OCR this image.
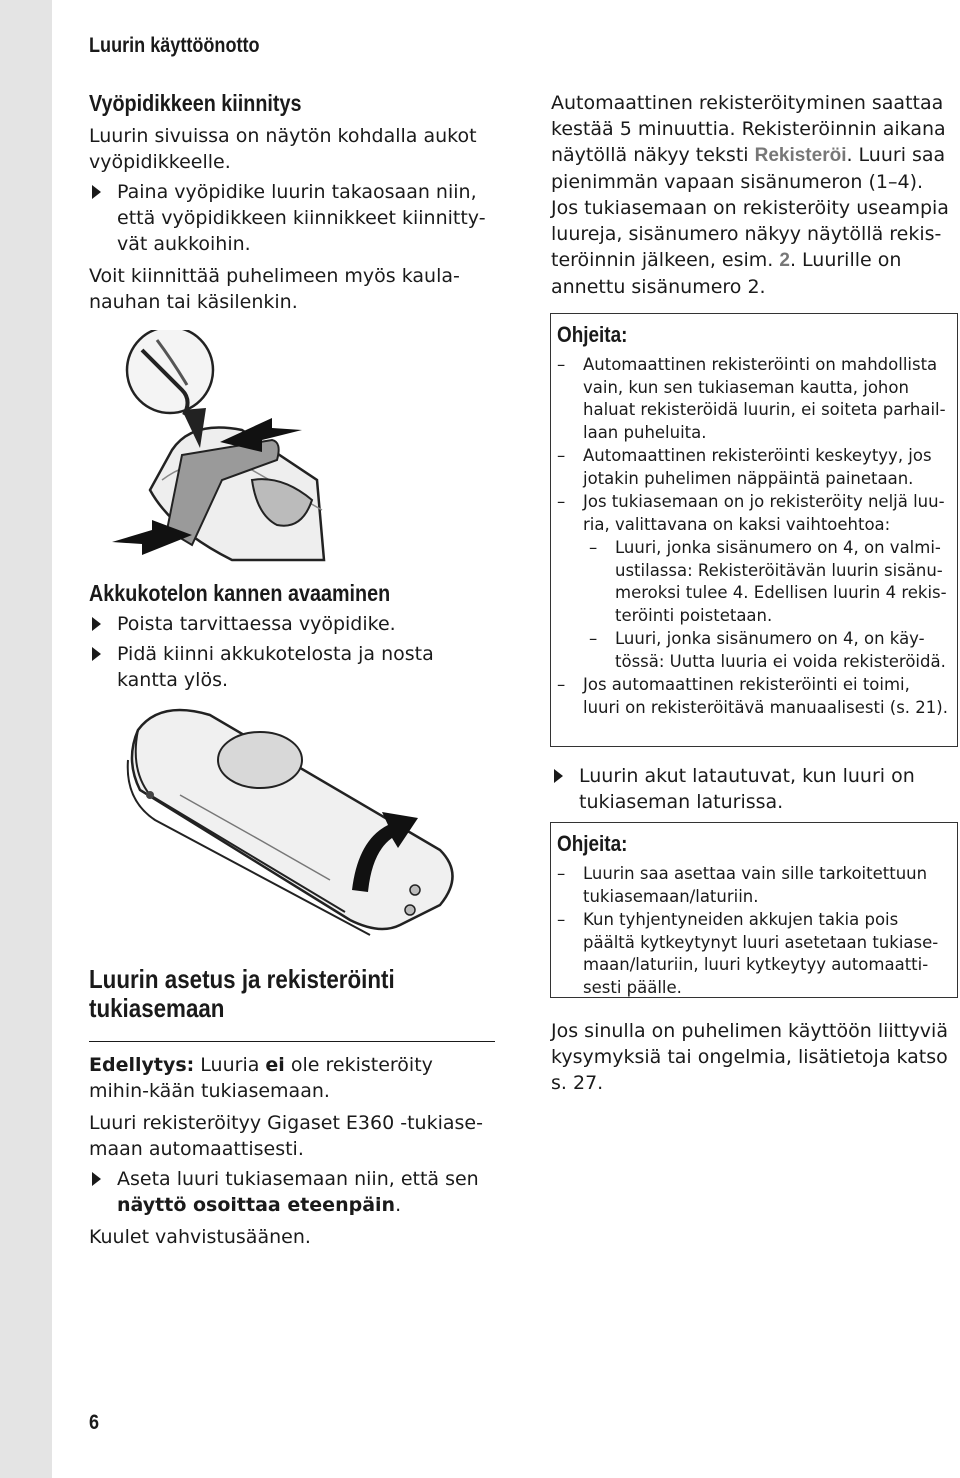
Luurin käyttöönotto
Vyöpidikkeen kiinnitys

Luurin sivuissa on näytön kohdalla aukot vyöpidikkeelle.

Paina vyöpidike luurin takaosaan niin, että vyöpidikkeen kiinnikkeet kiinnitty-vät aukkoihin.

Voit kiinnittää puhelimeen myös kaula-nauhan tai käsilenkin.

Akkukotelon kannen avaaminen

Poista tarvittaessa vyöpidike.

Pidä kiinni akkukotelosta ja nosta kantta ylös.

Luurin asetus ja rekisteröinti
tukiasemaan

Edellytys: Luuria ei ole rekisteröity mihin-kään tukiasemaan.

Luuri rekisteröityy Gigaset E360 -tukiase-maan automaattisesti.

Aseta luuri tukiasemaan niin, että sen näyttö osoittaa eteenpäin.

Kuulet vahvistusäänen.

6

Automaattinen rekisteröityminen saattaa kestää 5 minuuttia. Rekisteröinnin aikana näytöllä näkyy teksti Rekisteröi. Luuri saa pienimmän vapaan sisänumeron (1–4). Jos tukiasemaan on rekisteröity useampia luureja, sisänumero näkyy näytöllä rekis-teröinnin jälkeen, esim. 2. Luurille on annettu sisänumero 2.

Ohjeita:

– Automaattinen rekisteröinti on mahdollista vain, kun sen tukiaseman kautta, johon haluat rekisteröidä luurin, ei soiteta parhail-laan puheluita.

– Automaattinen rekisteröinti keskeytyy, jos jotakin puhelimen näppäintä painetaan.

– Jos tukiasemaan on jo rekisteröity neljä luu-ria, valittavana on kaksi vaihtoehtoa:

– Luuri, jonka sisänumero on 4, on valmi-ustilassa: Rekisteröitävän luurin sisänu-meroksi tulee 4. Edellisen luurin 4 rekis-teröinti poistetaan.

– Luuri, jonka sisänumero on 4, on käy-tössä: Uutta luuria ei voida rekisteröidä.

– Jos automaattinen rekisteröinti ei toimi, luuri on rekisteröitävä manuaalisesti (s. 21).

Luurin akut latautuvat, kun luuri on tukiaseman laturissa.

Ohjeita:

– Luurin saa asettaa vain sille tarkoitettuun tukiasemaan/laturiin.

– Kun tyhjentyneiden akkujen takia pois päältä kytkeytynyt luuri asetetaan tukiase-maan/laturiin, luuri kytkeytyy automaatti-sesti päälle.

Jos sinulla on puhelimen käyttöön liittyviä kysymyksiä tai ongelmia, lisätietoja katso s. 27.
